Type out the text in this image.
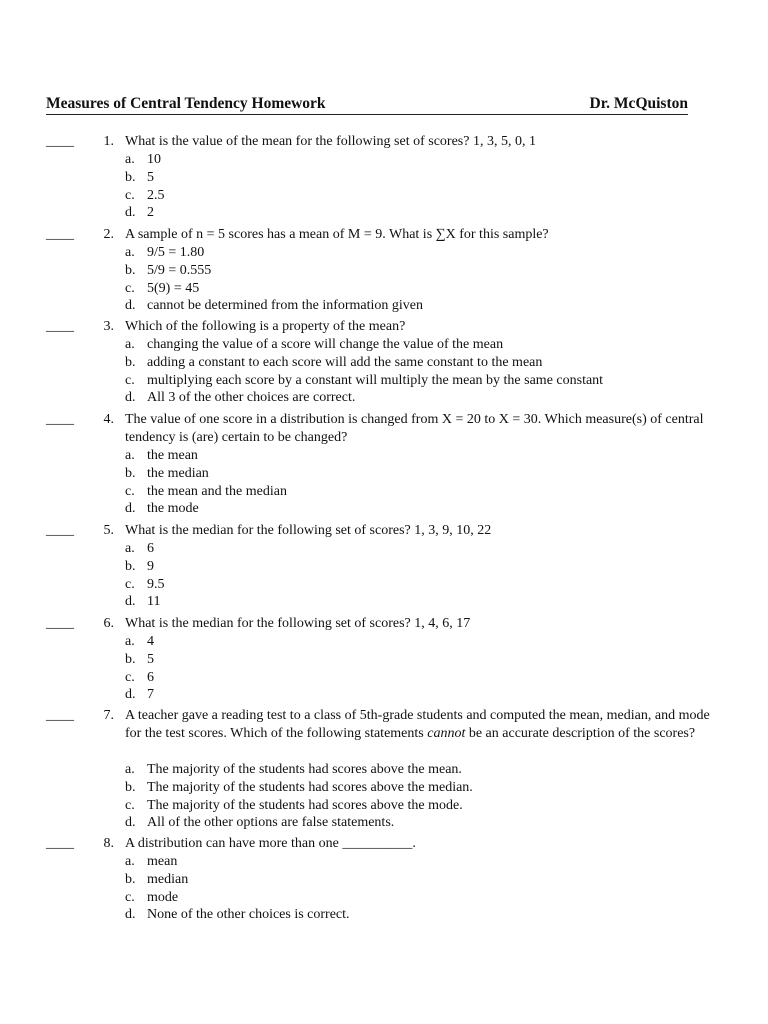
Measures of Central Tendency Homework	Dr. McQuiston
____	1. What is the value of the mean for the following set of scores? 1, 3, 5, 0, 1
a. 10
b. 5
c. 2.5
d. 2
____	2. A sample of n = 5 scores has a mean of M = 9. What is ∑X for this sample?
a. 9/5 = 1.80
b. 5/9 = 0.555
c. 5(9) = 45
d. cannot be determined from the information given
____	3. Which of the following is a property of the mean?
a. changing the value of a score will change the value of the mean
b. adding a constant to each score will add the same constant to the mean
c. multiplying each score by a constant will multiply the mean by the same constant
d. All 3 of the other choices are correct.
____	4. The value of one score in a distribution is changed from X = 20 to X = 30. Which measure(s) of central tendency is (are) certain to be changed?
a. the mean
b. the median
c. the mean and the median
d. the mode
____	5. What is the median for the following set of scores? 1, 3, 9, 10, 22
a. 6
b. 9
c. 9.5
d. 11
____	6. What is the median for the following set of scores? 1, 4, 6, 17
a. 4
b. 5
c. 6
d. 7
____	7. A teacher gave a reading test to a class of 5th-grade students and computed the mean, median, and mode for the test scores. Which of the following statements cannot be an accurate description of the scores?
a. The majority of the students had scores above the mean.
b. The majority of the students had scores above the median.
c. The majority of the students had scores above the mode.
d. All of the other options are false statements.
____	8. A distribution can have more than one __________.
a. mean
b. median
c. mode
d. None of the other choices is correct.
